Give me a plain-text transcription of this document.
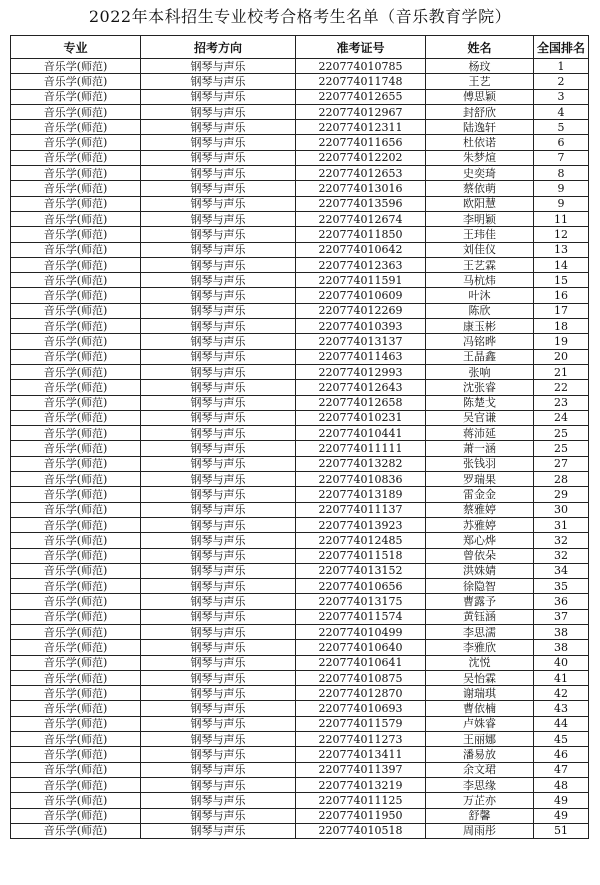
2022年本科招生专业校考合格考生名单（音乐教育学院）
专业	招考方向	准考证号	姓名	全国排名
音乐学(师范)	钢琴与声乐	220774010785	杨玟	1
音乐学(师范)	钢琴与声乐	220774011748	王艺	2
音乐学(师范)	钢琴与声乐	220774012655	傅思颖	3
音乐学(师范)	钢琴与声乐	220774012967	封舒欣	4
音乐学(师范)	钢琴与声乐	220774012311	陆逸轩	5
音乐学(师范)	钢琴与声乐	220774011656	杜依诺	6
音乐学(师范)	钢琴与声乐	220774012202	朱梦煊	7
音乐学(师范)	钢琴与声乐	220774012653	史奕琦	8
音乐学(师范)	钢琴与声乐	220774013016	蔡依萌	9
音乐学(师范)	钢琴与声乐	220774013596	欧阳慧	9
音乐学(师范)	钢琴与声乐	220774012674	李明颖	11
音乐学(师范)	钢琴与声乐	220774011850	王玮佳	12
音乐学(师范)	钢琴与声乐	220774010642	刘佳仪	13
音乐学(师范)	钢琴与声乐	220774012363	王艺霖	14
音乐学(师范)	钢琴与声乐	220774011591	马杭炜	15
音乐学(师范)	钢琴与声乐	220774010609	叶沐	16
音乐学(师范)	钢琴与声乐	220774012269	陈欣	17
音乐学(师范)	钢琴与声乐	220774010393	康玉彬	18
音乐学(师范)	钢琴与声乐	220774013137	冯铭晔	19
音乐学(师范)	钢琴与声乐	220774011463	王晶鑫	20
音乐学(师范)	钢琴与声乐	220774012993	张响	21
音乐学(师范)	钢琴与声乐	220774012643	沈张睿	22
音乐学(师范)	钢琴与声乐	220774012658	陈楚戈	23
音乐学(师范)	钢琴与声乐	220774010231	吴官谦	24
音乐学(师范)	钢琴与声乐	220774010441	蒋沛延	25
音乐学(师范)	钢琴与声乐	220774011111	萧一涵	25
音乐学(师范)	钢琴与声乐	220774013282	张钱羽	27
音乐学(师范)	钢琴与声乐	220774010836	罗瑞果	28
音乐学(师范)	钢琴与声乐	220774013189	雷金金	29
音乐学(师范)	钢琴与声乐	220774011137	蔡雅婷	30
音乐学(师范)	钢琴与声乐	220774013923	苏雅婷	31
音乐学(师范)	钢琴与声乐	220774012485	郑心烨	32
音乐学(师范)	钢琴与声乐	220774011518	曾依朵	32
音乐学(师范)	钢琴与声乐	220774013152	洪姝婧	34
音乐学(师范)	钢琴与声乐	220774010656	徐隐智	35
音乐学(师范)	钢琴与声乐	220774013175	曹露予	36
音乐学(师范)	钢琴与声乐	220774011574	黄钰涵	37
音乐学(师范)	钢琴与声乐	220774010499	李思濡	38
音乐学(师范)	钢琴与声乐	220774010640	李雅欣	38
音乐学(师范)	钢琴与声乐	220774010641	沈悦	40
音乐学(师范)	钢琴与声乐	220774010875	吴怡霖	41
音乐学(师范)	钢琴与声乐	220774012870	谢瑞琪	42
音乐学(师范)	钢琴与声乐	220774010693	曹依楠	43
音乐学(师范)	钢琴与声乐	220774011579	卢姝睿	44
音乐学(师范)	钢琴与声乐	220774011273	王丽娜	45
音乐学(师范)	钢琴与声乐	220774013411	潘易放	46
音乐学(师范)	钢琴与声乐	220774011397	余文珺	47
音乐学(师范)	钢琴与声乐	220774013219	李思缘	48
音乐学(师范)	钢琴与声乐	220774011125	万芷亦	49
音乐学(师范)	钢琴与声乐	220774011950	舒馨	49
音乐学(师范)	钢琴与声乐	220774010518	周雨彤	51
